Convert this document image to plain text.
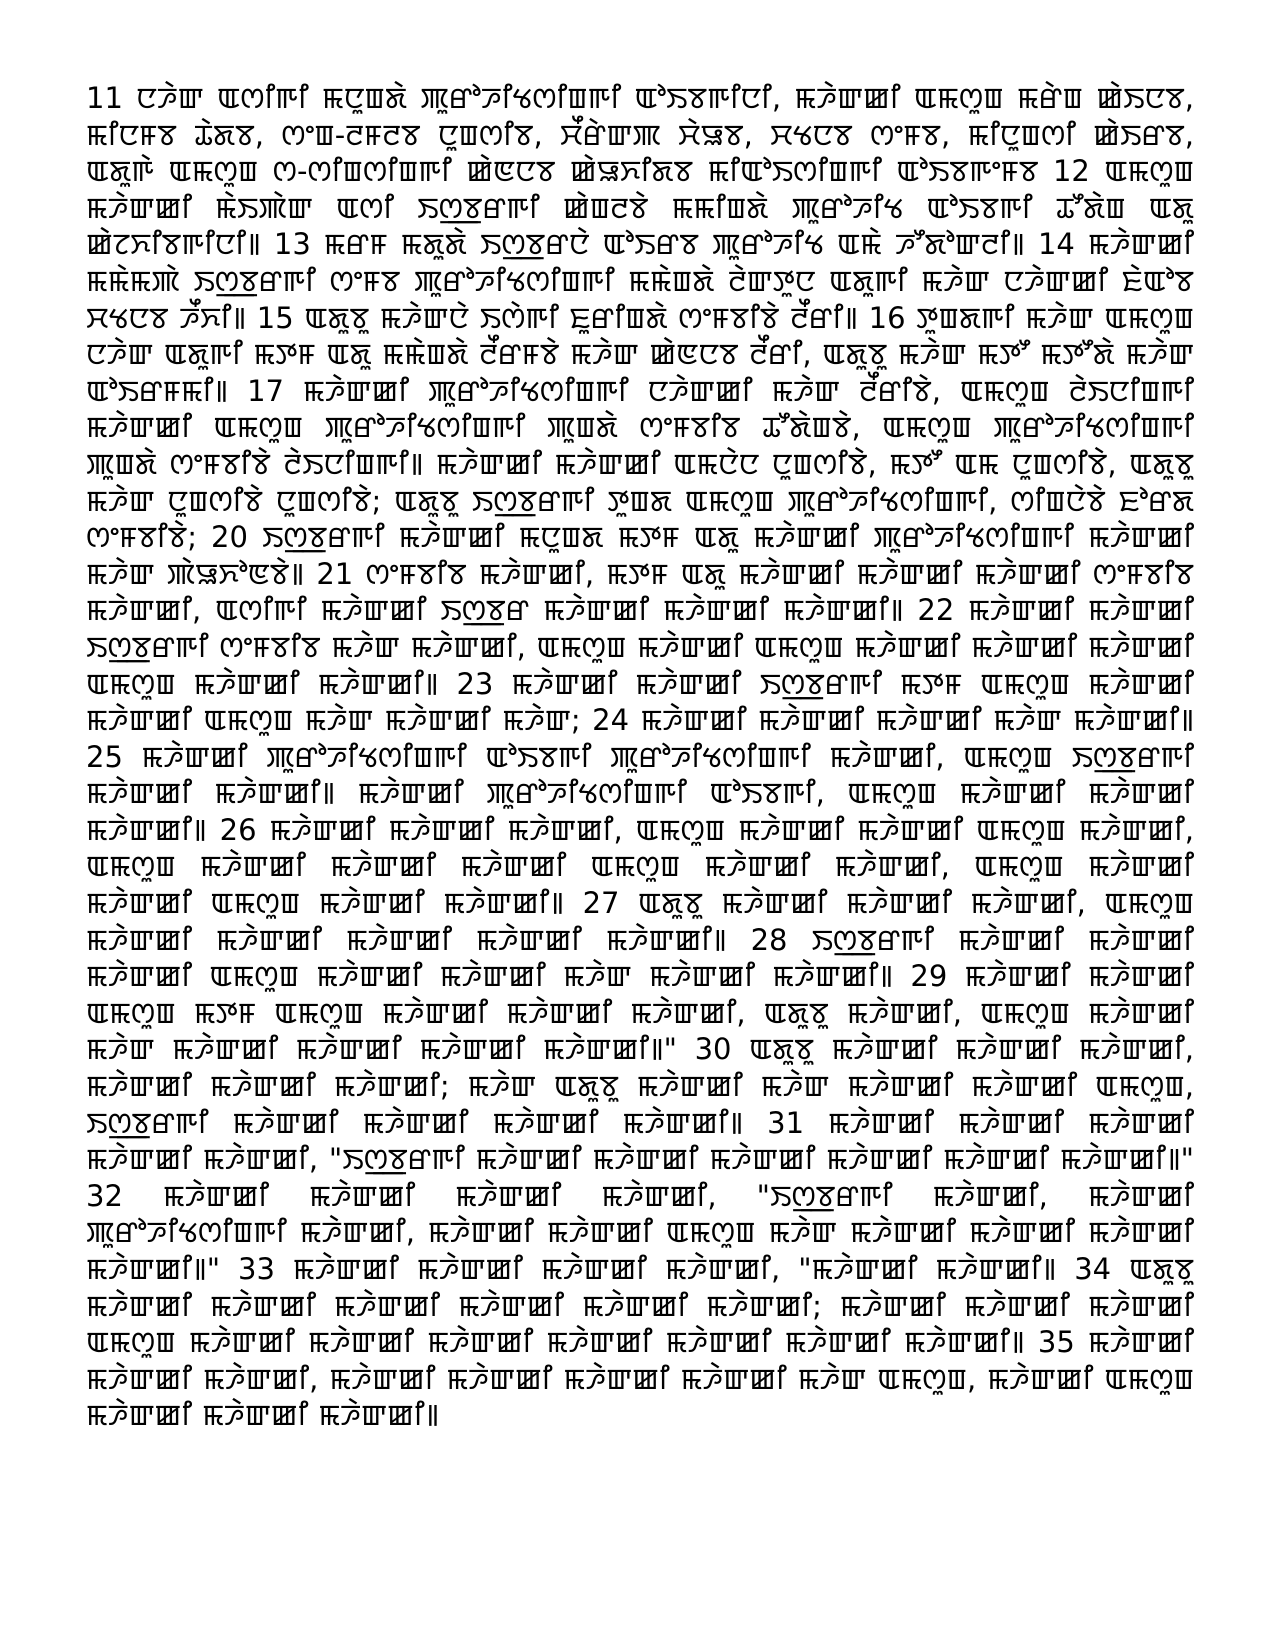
11 ꯅꯍꯥꯛ ꯑꯁꯤꯒꯤ ꯃꯅꯨꯡꯗꯥ ꯄꯨꯔꯣꯍꯤꯠꯁꯤꯡꯒꯤ ꯑꯣꯏꯕꯒꯤꯅꯤ, ꯃꯍꯥꯛꯀꯤ ꯑꯃꯁꯨꯡ ꯃꯔꯥꯡ ꯀꯥꯏꯅꯕ, ꯃꯤꯅꯝꯕ ꯊꯥꯗꯕ, ꯁꯦꯡ-ꯂꯝꯂꯕ ꯅꯨꯡꯁꯤꯕ, ꯆꯩꯔꯥꯛꯄ ꯆꯥꯎꯕ, ꯆꯠꯅꯕ ꯁꯦꯝꯕ, ꯃꯤꯅꯨꯡꯁꯤ ꯀꯥꯏꯔꯕ, ꯑꯗꯨꯒꯥ ꯑꯃꯁꯨꯡ ꯁ-ꯁꯤꯡꯁꯤꯡꯒꯤ ꯀꯥꯟꯅꯕ ꯀꯥꯎꯈꯤꯗꯕ ꯃꯤꯑꯣꯏꯁꯤꯡꯒꯤ ꯑꯣꯏꯕꯒꯦꯝꯕ 12 ꯑꯃꯁꯨꯡ ꯃꯍꯥꯛꯀꯤ ꯃꯥꯏꯄꯥꯛ ꯑꯁꯤ ꯏꯁ꯭ꯕꯔꯒꯤ ꯀꯥꯡꯂꯕꯥ ꯃꯃꯤꯡꯗꯥ ꯄꯨꯔꯣꯍꯤꯠ ꯑꯣꯏꯕꯒꯤ ꯊꯧꯗꯥꯡ ꯑꯗꯨ ꯀꯥꯖꯈꯤꯕꯒꯤꯅꯤ꯫ 13 ꯃꯔꯝ ꯃꯗꯨꯗꯥ ꯏꯁ꯭ꯕꯔꯅꯥ ꯑꯣꯏꯔꯕ ꯄꯨꯔꯣꯍꯤꯠ ꯑꯃꯥ ꯍꯧꯗꯣꯛꯂꯤ꯫ 14 ꯃꯍꯥꯛꯀꯤ ꯃꯃꯥꯃꯄꯥ ꯏꯁ꯭ꯕꯔꯒꯤ ꯁꯦꯝꯕ ꯄꯨꯔꯣꯍꯤꯠꯁꯤꯡꯒꯤ ꯃꯃꯥꯡꯗꯥ ꯂꯥꯛꯇꯨꯅ ꯑꯗꯨꯒꯤ ꯃꯍꯥꯛ ꯅꯍꯥꯛꯀꯤ ꯐꯥꯑꯣꯕ ꯆꯠꯅꯕ ꯍꯩꯈꯤ꯫ 15 ꯑꯗꯨꯕꯨ ꯃꯍꯥꯛꯅꯥ ꯏꯁꯥꯒꯤ ꯐꯨꯔꯤꯡꯗꯥ ꯁꯦꯝꯕꯤꯕꯥ ꯂꯩꯔꯤ꯫ 16 ꯇꯨꯡꯗꯒꯤ ꯃꯍꯥꯛ ꯑꯃꯁꯨꯡ ꯅꯍꯥꯛ ꯑꯗꯨꯒꯤ ꯃꯇꯝ ꯑꯗꯨ ꯃꯃꯥꯡꯗꯥ ꯂꯩꯔꯝꯕꯥ ꯃꯍꯥꯛ ꯀꯥꯟꯅꯕ ꯂꯩꯔꯤ, ꯑꯗꯨꯕꯨ ꯃꯍꯥꯛ ꯃꯇꯧ ꯃꯇꯧꯗꯥ ꯃꯍꯥꯛ ꯑꯣꯏꯔꯝꯃꯤ꯫ 17 ꯃꯍꯥꯛꯀꯤ ꯄꯨꯔꯣꯍꯤꯠꯁꯤꯡꯒꯤ ꯅꯍꯥꯛꯀꯤ ꯃꯍꯥꯛ ꯂꯩꯔꯤꯕꯥ, ꯑꯃꯁꯨꯡ ꯂꯥꯏꯅꯤꯡꯒꯤ ꯃꯍꯥꯛꯀꯤ ꯑꯃꯁꯨꯡ ꯄꯨꯔꯣꯍꯤꯠꯁꯤꯡꯒꯤ ꯄꯨꯡꯗꯥ ꯁꯦꯝꯕꯤꯕ ꯊꯧꯗꯥꯡꯕꯥ, ꯑꯃꯁꯨꯡ ꯄꯨꯔꯣꯍꯤꯠꯁꯤꯡꯒꯤ ꯄꯨꯡꯗꯥ ꯁꯦꯝꯕꯤꯕꯥ ꯂꯥꯏꯅꯤꯡꯒꯤ꯫ ꯃꯍꯥꯛꯀꯤ ꯃꯍꯥꯛꯀꯤ ꯑꯃꯅꯥꯅ ꯅꯨꯡꯁꯤꯕꯥ, ꯃꯇꯧ ꯑꯃ ꯅꯨꯡꯁꯤꯕꯥ, ꯑꯗꯨꯕꯨ ꯃꯍꯥꯛ ꯅꯨꯡꯁꯤꯕꯥ ꯅꯨꯡꯁꯤꯕꯥ; ꯑꯗꯨꯕꯨ ꯏꯁ꯭ꯕꯔꯒꯤ ꯇꯨꯡꯗ ꯑꯃꯁꯨꯡ ꯄꯨꯔꯣꯍꯤꯠꯁꯤꯡꯒꯤ, ꯁꯤꯡꯅꯥꯕꯥ ꯐꯣꯔꯗ ꯁꯦꯝꯕꯤꯕꯥ; 20 ꯏꯁ꯭ꯕꯔꯒꯤ ꯃꯍꯥꯛꯀꯤ ꯃꯅꯨꯡꯗ ꯃꯇꯝ ꯑꯗꯨ ꯃꯍꯥꯛꯀꯤ ꯄꯨꯔꯣꯍꯤꯠꯁꯤꯡꯒꯤ ꯃꯍꯥꯛꯀꯤ ꯃꯍꯥꯛ ꯄꯥꯎꯈꯣꯟꯕꯥ꯫ 21 ꯁꯦꯝꯕꯤꯕ ꯃꯍꯥꯛꯀꯤ, ꯃꯇꯝ ꯑꯗꯨ ꯃꯍꯥꯛꯀꯤ ꯃꯍꯥꯛꯀꯤ ꯃꯍꯥꯛꯀꯤ ꯁꯦꯝꯕꯤꯕ ꯃꯍꯥꯛꯀꯤ, ꯑꯁꯤꯒꯤ ꯃꯍꯥꯛꯀꯤ ꯏꯁ꯭ꯕꯔ ꯃꯍꯥꯛꯀꯤ ꯃꯍꯥꯛꯀꯤ ꯃꯍꯥꯛꯀꯤ꯫ 22 ꯃꯍꯥꯛꯀꯤ ꯃꯍꯥꯛꯀꯤ ꯏꯁ꯭ꯕꯔꯒꯤ ꯁꯦꯝꯕꯤꯕ ꯃꯍꯥꯛ ꯃꯍꯥꯛꯀꯤ, ꯑꯃꯁꯨꯡ ꯃꯍꯥꯛꯀꯤ ꯑꯃꯁꯨꯡ ꯃꯍꯥꯛꯀꯤ ꯃꯍꯥꯛꯀꯤ ꯃꯍꯥꯛꯀꯤ ꯑꯃꯁꯨꯡ ꯃꯍꯥꯛꯀꯤ ꯃꯍꯥꯛꯀꯤ꯫ 23 ꯃꯍꯥꯛꯀꯤ ꯃꯍꯥꯛꯀꯤ ꯏꯁ꯭ꯕꯔꯒꯤ ꯃꯇꯝ ꯑꯃꯁꯨꯡ ꯃꯍꯥꯛꯀꯤ ꯃꯍꯥꯛꯀꯤ ꯑꯃꯁꯨꯡ ꯃꯍꯥꯛ ꯃꯍꯥꯛꯀꯤ ꯃꯍꯥꯛ; 24 ꯃꯍꯥꯛꯀꯤ ꯃꯍꯥꯛꯀꯤ ꯃꯍꯥꯛꯀꯤ ꯃꯍꯥꯛ ꯃꯍꯥꯛꯀꯤ꯫ 25 ꯃꯍꯥꯛꯀꯤ ꯄꯨꯔꯣꯍꯤꯠꯁꯤꯡꯒꯤ ꯑꯣꯏꯕꯒꯤ ꯄꯨꯔꯣꯍꯤꯠꯁꯤꯡꯒꯤ ꯃꯍꯥꯛꯀꯤ, ꯑꯃꯁꯨꯡ ꯏꯁ꯭ꯕꯔꯒꯤ ꯃꯍꯥꯛꯀꯤ ꯃꯍꯥꯛꯀꯤ꯫ ꯃꯍꯥꯛꯀꯤ ꯄꯨꯔꯣꯍꯤꯠꯁꯤꯡꯒꯤ ꯑꯣꯏꯕꯒꯤ, ꯑꯃꯁꯨꯡ ꯃꯍꯥꯛꯀꯤ ꯃꯍꯥꯛꯀꯤ ꯃꯍꯥꯛꯀꯤ꯫ 26 ꯃꯍꯥꯛꯀꯤ ꯃꯍꯥꯛꯀꯤ ꯃꯍꯥꯛꯀꯤ, ꯑꯃꯁꯨꯡ ꯃꯍꯥꯛꯀꯤ ꯃꯍꯥꯛꯀꯤ ꯑꯃꯁꯨꯡ ꯃꯍꯥꯛꯀꯤ, ꯑꯃꯁꯨꯡ ꯃꯍꯥꯛꯀꯤ ꯃꯍꯥꯛꯀꯤ ꯃꯍꯥꯛꯀꯤ ꯑꯃꯁꯨꯡ ꯃꯍꯥꯛꯀꯤ ꯃꯍꯥꯛꯀꯤ, ꯑꯃꯁꯨꯡ ꯃꯍꯥꯛꯀꯤ ꯃꯍꯥꯛꯀꯤ ꯑꯃꯁꯨꯡ ꯃꯍꯥꯛꯀꯤ ꯃꯍꯥꯛꯀꯤ꯫ 27 ꯑꯗꯨꯕꯨ ꯃꯍꯥꯛꯀꯤ ꯃꯍꯥꯛꯀꯤ ꯃꯍꯥꯛꯀꯤ, ꯑꯃꯁꯨꯡ ꯃꯍꯥꯛꯀꯤ ꯃꯍꯥꯛꯀꯤ ꯃꯍꯥꯛꯀꯤ ꯃꯍꯥꯛꯀꯤ ꯃꯍꯥꯛꯀꯤ꯫ 28 ꯏꯁ꯭ꯕꯔꯒꯤ ꯃꯍꯥꯛꯀꯤ ꯃꯍꯥꯛꯀꯤ ꯃꯍꯥꯛꯀꯤ ꯑꯃꯁꯨꯡ ꯃꯍꯥꯛꯀꯤ ꯃꯍꯥꯛꯀꯤ ꯃꯍꯥꯛ ꯃꯍꯥꯛꯀꯤ ꯃꯍꯥꯛꯀꯤ꯫ 29 ꯃꯍꯥꯛꯀꯤ ꯃꯍꯥꯛꯀꯤ ꯑꯃꯁꯨꯡ ꯃꯇꯝ ꯑꯃꯁꯨꯡ ꯃꯍꯥꯛꯀꯤ ꯃꯍꯥꯛꯀꯤ ꯃꯍꯥꯛꯀꯤ, ꯑꯗꯨꯕꯨ ꯃꯍꯥꯛꯀꯤ, ꯑꯃꯁꯨꯡ ꯃꯍꯥꯛꯀꯤ ꯃꯍꯥꯛ ꯃꯍꯥꯛꯀꯤ ꯃꯍꯥꯛꯀꯤ ꯃꯍꯥꯛꯀꯤ ꯃꯍꯥꯛꯀꯤ꯫" 30 ꯑꯗꯨꯕꯨ ꯃꯍꯥꯛꯀꯤ ꯃꯍꯥꯛꯀꯤ ꯃꯍꯥꯛꯀꯤ, ꯃꯍꯥꯛꯀꯤ ꯃꯍꯥꯛꯀꯤ ꯃꯍꯥꯛꯀꯤ; ꯃꯍꯥꯛ ꯑꯗꯨꯕꯨ ꯃꯍꯥꯛꯀꯤ ꯃꯍꯥꯛ ꯃꯍꯥꯛꯀꯤ ꯃꯍꯥꯛꯀꯤ ꯑꯃꯁꯨꯡ, ꯏꯁ꯭ꯕꯔꯒꯤ ꯃꯍꯥꯛꯀꯤ ꯃꯍꯥꯛꯀꯤ ꯃꯍꯥꯛꯀꯤ ꯃꯍꯥꯛꯀꯤ꯫ 31 ꯃꯍꯥꯛꯀꯤ ꯃꯍꯥꯛꯀꯤ ꯃꯍꯥꯛꯀꯤ ꯃꯍꯥꯛꯀꯤ ꯃꯍꯥꯛꯀꯤ, "ꯏꯁ꯭ꯕꯔꯒꯤ ꯃꯍꯥꯛꯀꯤ ꯃꯍꯥꯛꯀꯤ ꯃꯍꯥꯛꯀꯤ ꯃꯍꯥꯛꯀꯤ ꯃꯍꯥꯛꯀꯤ ꯃꯍꯥꯛꯀꯤ꯫" 32 ꯃꯍꯥꯛꯀꯤ ꯃꯍꯥꯛꯀꯤ ꯃꯍꯥꯛꯀꯤ ꯃꯍꯥꯛꯀꯤ, "ꯏꯁ꯭ꯕꯔꯒꯤ ꯃꯍꯥꯛꯀꯤ, ꯃꯍꯥꯛꯀꯤ ꯄꯨꯔꯣꯍꯤꯠꯁꯤꯡꯒꯤ ꯃꯍꯥꯛꯀꯤ, ꯃꯍꯥꯛꯀꯤ ꯃꯍꯥꯛꯀꯤ ꯑꯃꯁꯨꯡ ꯃꯍꯥꯛ ꯃꯍꯥꯛꯀꯤ ꯃꯍꯥꯛꯀꯤ ꯃꯍꯥꯛꯀꯤ ꯃꯍꯥꯛꯀꯤ꯫" 33 ꯃꯍꯥꯛꯀꯤ ꯃꯍꯥꯛꯀꯤ ꯃꯍꯥꯛꯀꯤ ꯃꯍꯥꯛꯀꯤ, "ꯃꯍꯥꯛꯀꯤ ꯃꯍꯥꯛꯀꯤ꯫ 34 ꯑꯗꯨꯕꯨ ꯃꯍꯥꯛꯀꯤ ꯃꯍꯥꯛꯀꯤ ꯃꯍꯥꯛꯀꯤ ꯃꯍꯥꯛꯀꯤ ꯃꯍꯥꯛꯀꯤ ꯃꯍꯥꯛꯀꯤ; ꯃꯍꯥꯛꯀꯤ ꯃꯍꯥꯛꯀꯤ ꯃꯍꯥꯛꯀꯤ ꯑꯃꯁꯨꯡ ꯃꯍꯥꯛꯀꯤ ꯃꯍꯥꯛꯀꯤ ꯃꯍꯥꯛꯀꯤ ꯃꯍꯥꯛꯀꯤ ꯃꯍꯥꯛꯀꯤ ꯃꯍꯥꯛꯀꯤ ꯃꯍꯥꯛꯀꯤ꯫ 35 ꯃꯍꯥꯛꯀꯤ ꯃꯍꯥꯛꯀꯤ ꯃꯍꯥꯛꯀꯤ, ꯃꯍꯥꯛꯀꯤ ꯃꯍꯥꯛꯀꯤ ꯃꯍꯥꯛꯀꯤ ꯃꯍꯥꯛꯀꯤ ꯃꯍꯥꯛ ꯑꯃꯁꯨꯡ, ꯃꯍꯥꯛꯀꯤ ꯑꯃꯁꯨꯡ ꯃꯍꯥꯛꯀꯤ ꯃꯍꯥꯛꯀꯤ ꯃꯍꯥꯛꯀꯤ꯫
